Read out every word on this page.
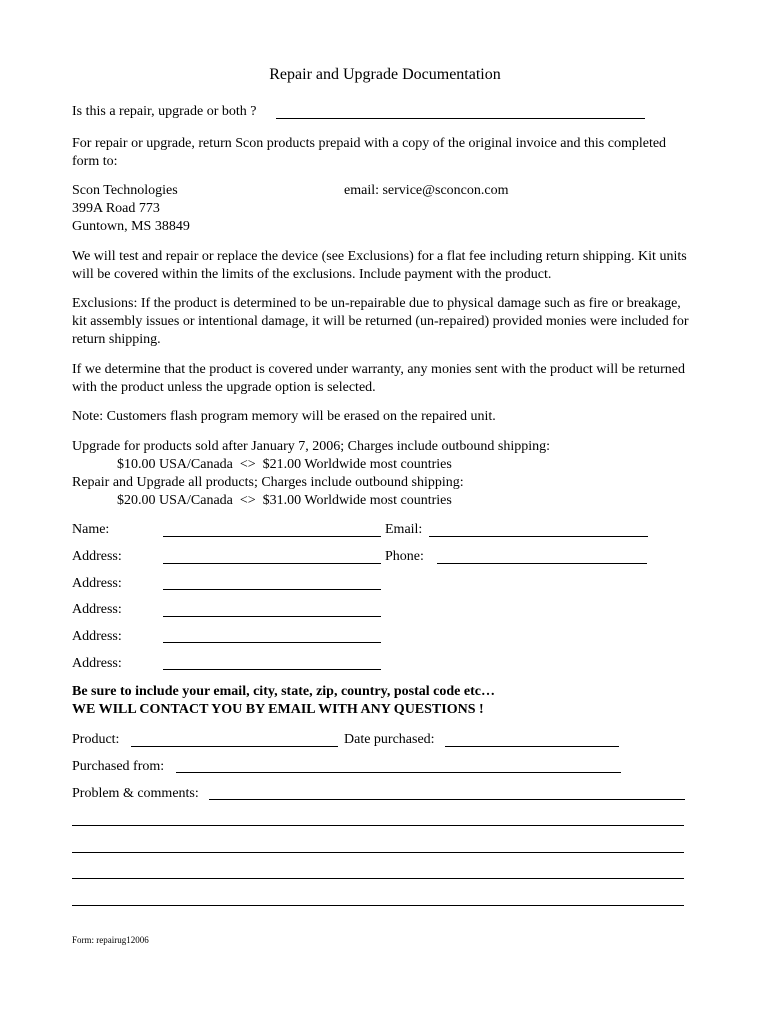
Repair and Upgrade Documentation
Is this a repair, upgrade or both ?
For repair or upgrade, return Scon products prepaid with a copy of the original invoice and this completed form to:
Scon Technologies
399A Road 773
Guntown, MS 38849
email: service@sconcon.com
We will test and repair or replace the device (see Exclusions) for a flat fee including return shipping. Kit units will be covered within the limits of the exclusions. Include payment with the product.
Exclusions: If the product is determined to be un-repairable due to physical damage such as fire or breakage, kit assembly issues or intentional damage, it will be returned (un-repaired) provided monies were included for return shipping.
If we determine that the product is covered under warranty, any monies sent with the product will be returned with the product unless the upgrade option is selected.
Note: Customers flash program memory will be erased on the repaired unit.
Upgrade for products sold after January 7, 2006; Charges include outbound shipping:
$10.00 USA/Canada  <>  $21.00 Worldwide most countries
Repair and Upgrade all products; Charges include outbound shipping:
$20.00 USA/Canada  <>  $31.00 Worldwide most countries
Name:	Email:
Address:	Phone:
Address:
Address:
Address:
Address:
Be sure to include your email, city, state, zip, country, postal code etc…
WE WILL CONTACT YOU BY EMAIL WITH ANY QUESTIONS !
Product:	Date purchased:
Purchased from:
Problem & comments:
Form: repairug12006
